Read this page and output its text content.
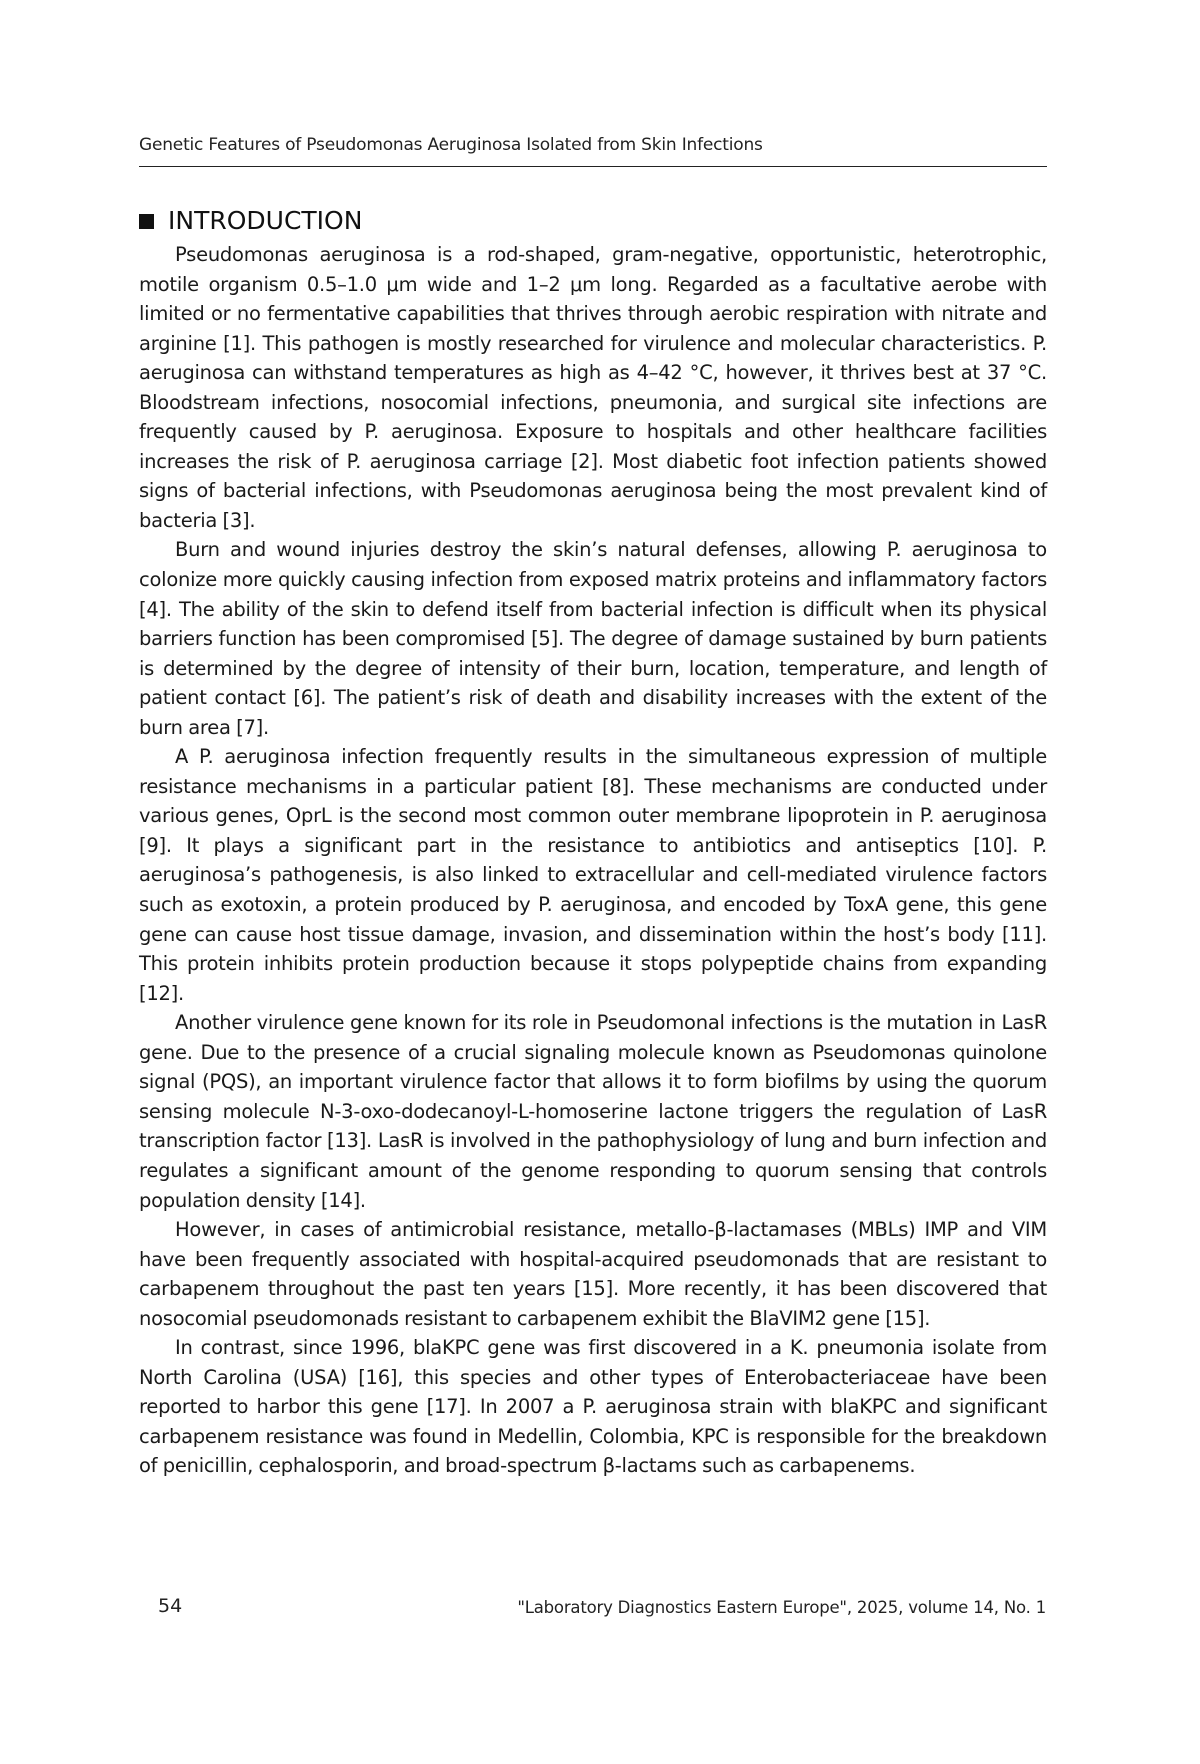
Genetic Features of Pseudomonas Aeruginosa Isolated from Skin Infections
INTRODUCTION

Pseudomonas aeruginosa is a rod-shaped, gram-negative, opportunistic, heterotrophic, motile organism 0.5–1.0 μm wide and 1–2 μm long. Regarded as a facultative aerobe with limited or no fermentative capabilities that thrives through aerobic respiration with nitrate and arginine [1]. This pathogen is mostly researched for virulence and molecular characteristics. P. aeruginosa can withstand temperatures as high as 4–42 °C, however, it thrives best at 37 °C. Bloodstream infections, nosocomial infections, pneumonia, and surgical site infections are frequently caused by P. aeruginosa. Exposure to hospitals and other healthcare facilities increases the risk of P. aeruginosa carriage [2]. Most diabetic foot infection patients showed signs of bacterial infections, with Pseudomonas aeruginosa being the most prevalent kind of bacteria [3].

Burn and wound injuries destroy the skin’s natural defenses, allowing P. aeruginosa to colonize more quickly causing infection from exposed matrix proteins and inflammatory factors [4]. The ability of the skin to defend itself from bacterial infection is difficult when its physical barriers function has been compromised [5]. The degree of damage sustained by burn patients is determined by the degree of intensity of their burn, location, temperature, and length of patient contact [6]. The patient’s risk of death and disability increases with the extent of the burn area [7].

A P. aeruginosa infection frequently results in the simultaneous expression of multiple resistance mechanisms in a particular patient [8]. These mechanisms are conducted under various genes, OprL is the second most common outer membrane lipoprotein in P. aeruginosa [9]. It plays a significant part in the resistance to antibiotics and antiseptics [10]. P. aeruginosa’s pathogenesis, is also linked to extracellular and cell-mediated virulence factors such as exotoxin, a protein produced by P. aeruginosa, and encoded by ToxA gene, this gene gene can cause host tissue damage, invasion, and dissemination within the host’s body [11]. This protein inhibits protein production because it stops polypeptide chains from expanding [12].

Another virulence gene known for its role in Pseudomonal infections is the mutation in LasR gene. Due to the presence of a crucial signaling molecule known as Pseudomonas quinolone signal (PQS), an important virulence factor that allows it to form biofilms by using the quorum sensing molecule N-3-oxo-dodecanoyl-L-homoserine lactone triggers the regulation of LasR transcription factor [13]. LasR is involved in the pathophysiology of lung and burn infection and regulates a significant amount of the genome responding to quorum sensing that controls population density [14].

However, in cases of antimicrobial resistance, metallo-β-lactamases (MBLs) IMP and VIM have been frequently associated with hospital-acquired pseudomonads that are resistant to carbapenem throughout the past ten years [15]. More recently, it has been discovered that nosocomial pseudomonads resistant to carbapenem exhibit the BlaVIM2 gene [15].

In contrast, since 1996, blaKPC gene was first discovered in a K. pneumonia isolate from North Carolina (USA) [16], this species and other types of Enterobacteriaceae have been reported to harbor this gene [17]. In 2007 a P. aeruginosa strain with blaKPC and significant carbapenem resistance was found in Medellin, Colombia, KPC is responsible for the breakdown of penicillin, cephalosporin, and broad-spectrum β-lactams such as carbapenems.

54	"Laboratory Diagnostics Eastern Europe", 2025, volume 14, No. 1
